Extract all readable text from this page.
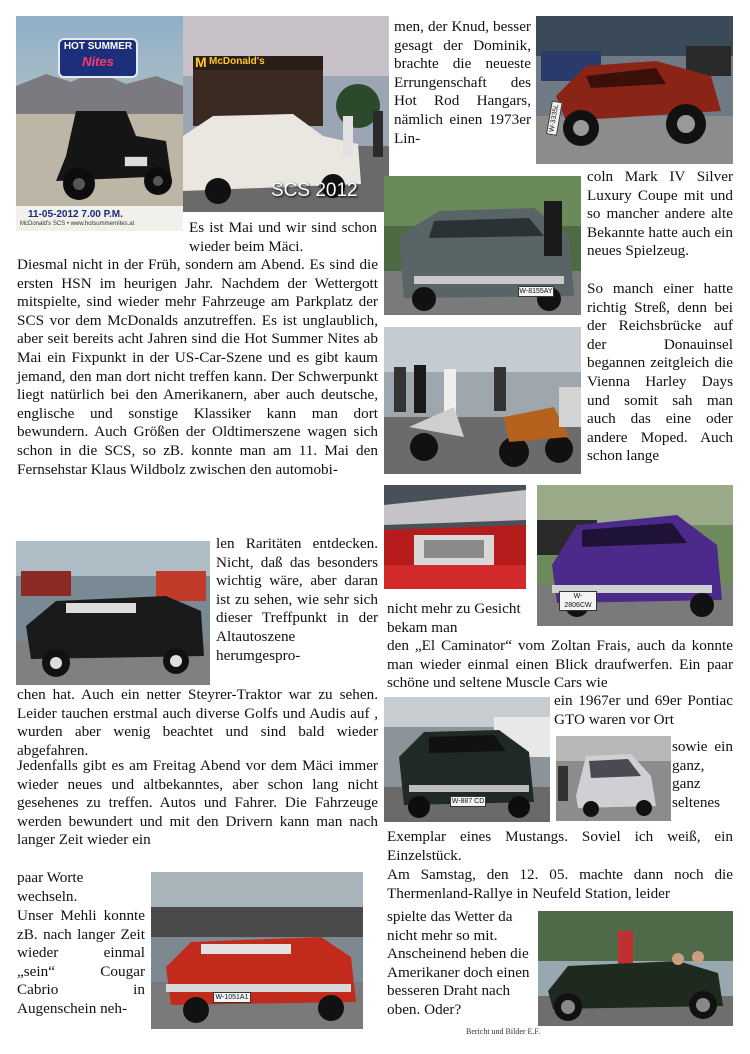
HOT SUMMER
Nites
11-05-2012 7.00 P.M.
McDonald's SCS • www.hotsummernites.at
McDonald's
M
SCS 2012
W-3335L
W-8155AY
W-2806CW
W-887 CD
W-1051A1

men, der Knud, besser gesagt der Dominik, brachte die neueste Errungenschaft des Hot Rod Hangars, nämlich einen 1973er Lin-

coln Mark IV Silver Luxury Coupe mit und so mancher andere alte Bekannte hatte auch ein neues Spielzeug.

So manch einer hatte richtig Streß, denn bei der Reichsbrücke auf der Donauinsel begannen zeitgleich die Vienna Harley Days und somit sah man auch das eine oder andere Moped. Auch schon lange

nicht mehr zu Gesicht bekam man

den „El Caminator“ vom Zoltan Frais, auch da konnte man wieder einmal einen Blick draufwerfen. Ein paar schöne und seltene Muscle Cars wie

ein 1967er und 69er Pontiac GTO waren vor Ort

sowie ein ganz, ganz seltenes

Exemplar eines Mustangs. Soviel ich weiß, ein Einzelstück.

Am Samstag, den 12. 05. machte dann noch die Thermenland-Rallye in Neufeld Station, leider

spielte das Wetter da nicht mehr so mit. Anscheinend heben die Amerikaner doch einen besseren Draht nach oben. Oder?

Bericht und Bilder E.F.

Es ist Mai und wir sind schon wieder beim Mäci.

Diesmal nicht in der Früh, sondern am Abend. Es sind die ersten HSN im heurigen Jahr. Nachdem der Wettergott mitspielte, sind wieder mehr Fahrzeuge am Parkplatz der SCS vor dem McDonalds anzutreffen. Es ist unglaublich, aber seit bereits acht Jahren sind die Hot Summer Nites ab Mai ein Fixpunkt in der US-Car-Szene und es gibt kaum jemand, den man dort nicht treffen kann. Der Schwerpunkt liegt natürlich bei den Amerikanern, aber auch deutsche, englische und sonstige Klassiker kann man dort bewundern. Auch Größen der Oldtimerszene wagen sich schon in die SCS, so zB. konnte man am 11. Mai den Fernsehstar Klaus Wildbolz zwischen den automobi-

len Raritäten entdecken. Nicht, daß das besonders wichtig wäre, aber daran ist zu sehen, wie sehr sich dieser Treffpunkt in der Altautoszene herumgespro-

chen hat. Auch ein netter Steyrer-Traktor war zu sehen. Leider tauchen erstmal auch diverse Golfs und Audis auf , wurden aber wenig beachtet und sind bald wieder abgefahren.

Jedenfalls gibt es am Freitag Abend vor dem Mäci immer wieder neues und altbekanntes, aber schon lang nicht gesehenes zu treffen. Autos und Fahrer. Die Fahrzeuge werden bewundert und mit den Drivern kann man nach langer Zeit wieder ein

paar Worte wechseln.

Unser Mehli konnte zB. nach langer Zeit wieder einmal „sein“ Cougar Cabrio in Augenschein neh-
